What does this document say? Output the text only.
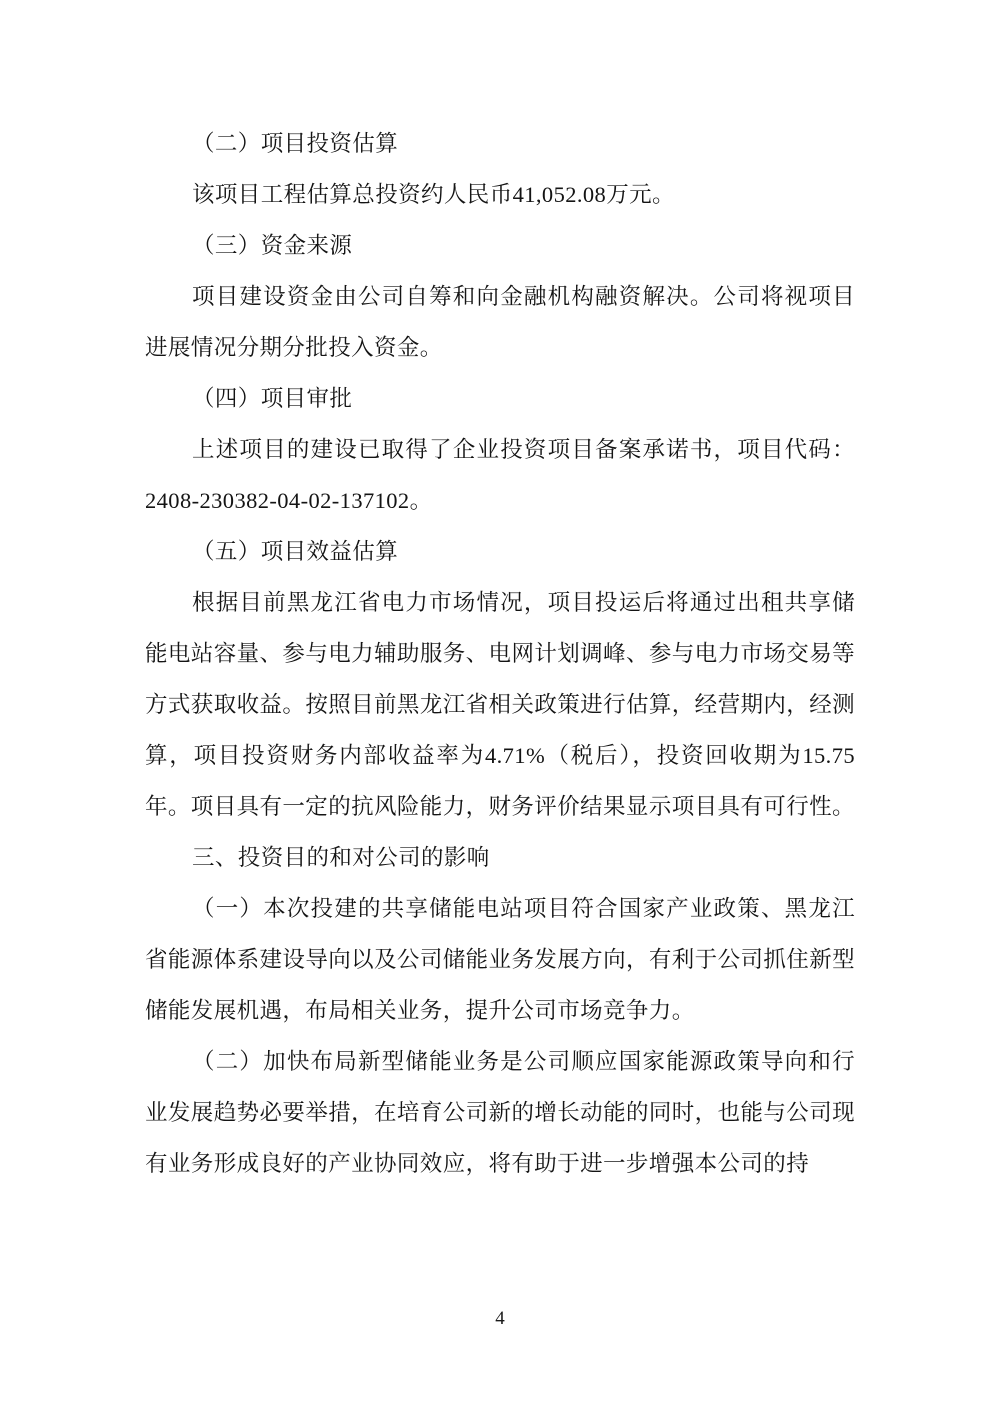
（二）项目投资估算

该项目工程估算总投资约人民币41,052.08万元。

（三）资金来源

项目建设资金由公司自筹和向金融机构融资解决。公司将视项目进展情况分期分批投入资金。

（四）项目审批

上述项目的建设已取得了企业投资项目备案承诺书，项目代码：2408-230382-04-02-137102。

（五）项目效益估算

根据目前黑龙江省电力市场情况，项目投运后将通过出租共享储能电站容量、参与电力辅助服务、电网计划调峰、参与电力市场交易等方式获取收益。按照目前黑龙江省相关政策进行估算，经营期内，经测算，项目投资财务内部收益率为4.71%（税后），投资回收期为15.75年。项目具有一定的抗风险能力，财务评价结果显示项目具有可行性。

三、投资目的和对公司的影响

（一）本次投建的共享储能电站项目符合国家产业政策、黑龙江省能源体系建设导向以及公司储能业务发展方向，有利于公司抓住新型储能发展机遇，布局相关业务，提升公司市场竞争力。

（二）加快布局新型储能业务是公司顺应国家能源政策导向和行业发展趋势必要举措，在培育公司新的增长动能的同时，也能与公司现有业务形成良好的产业协同效应，将有助于进一步增强本公司的持

4
